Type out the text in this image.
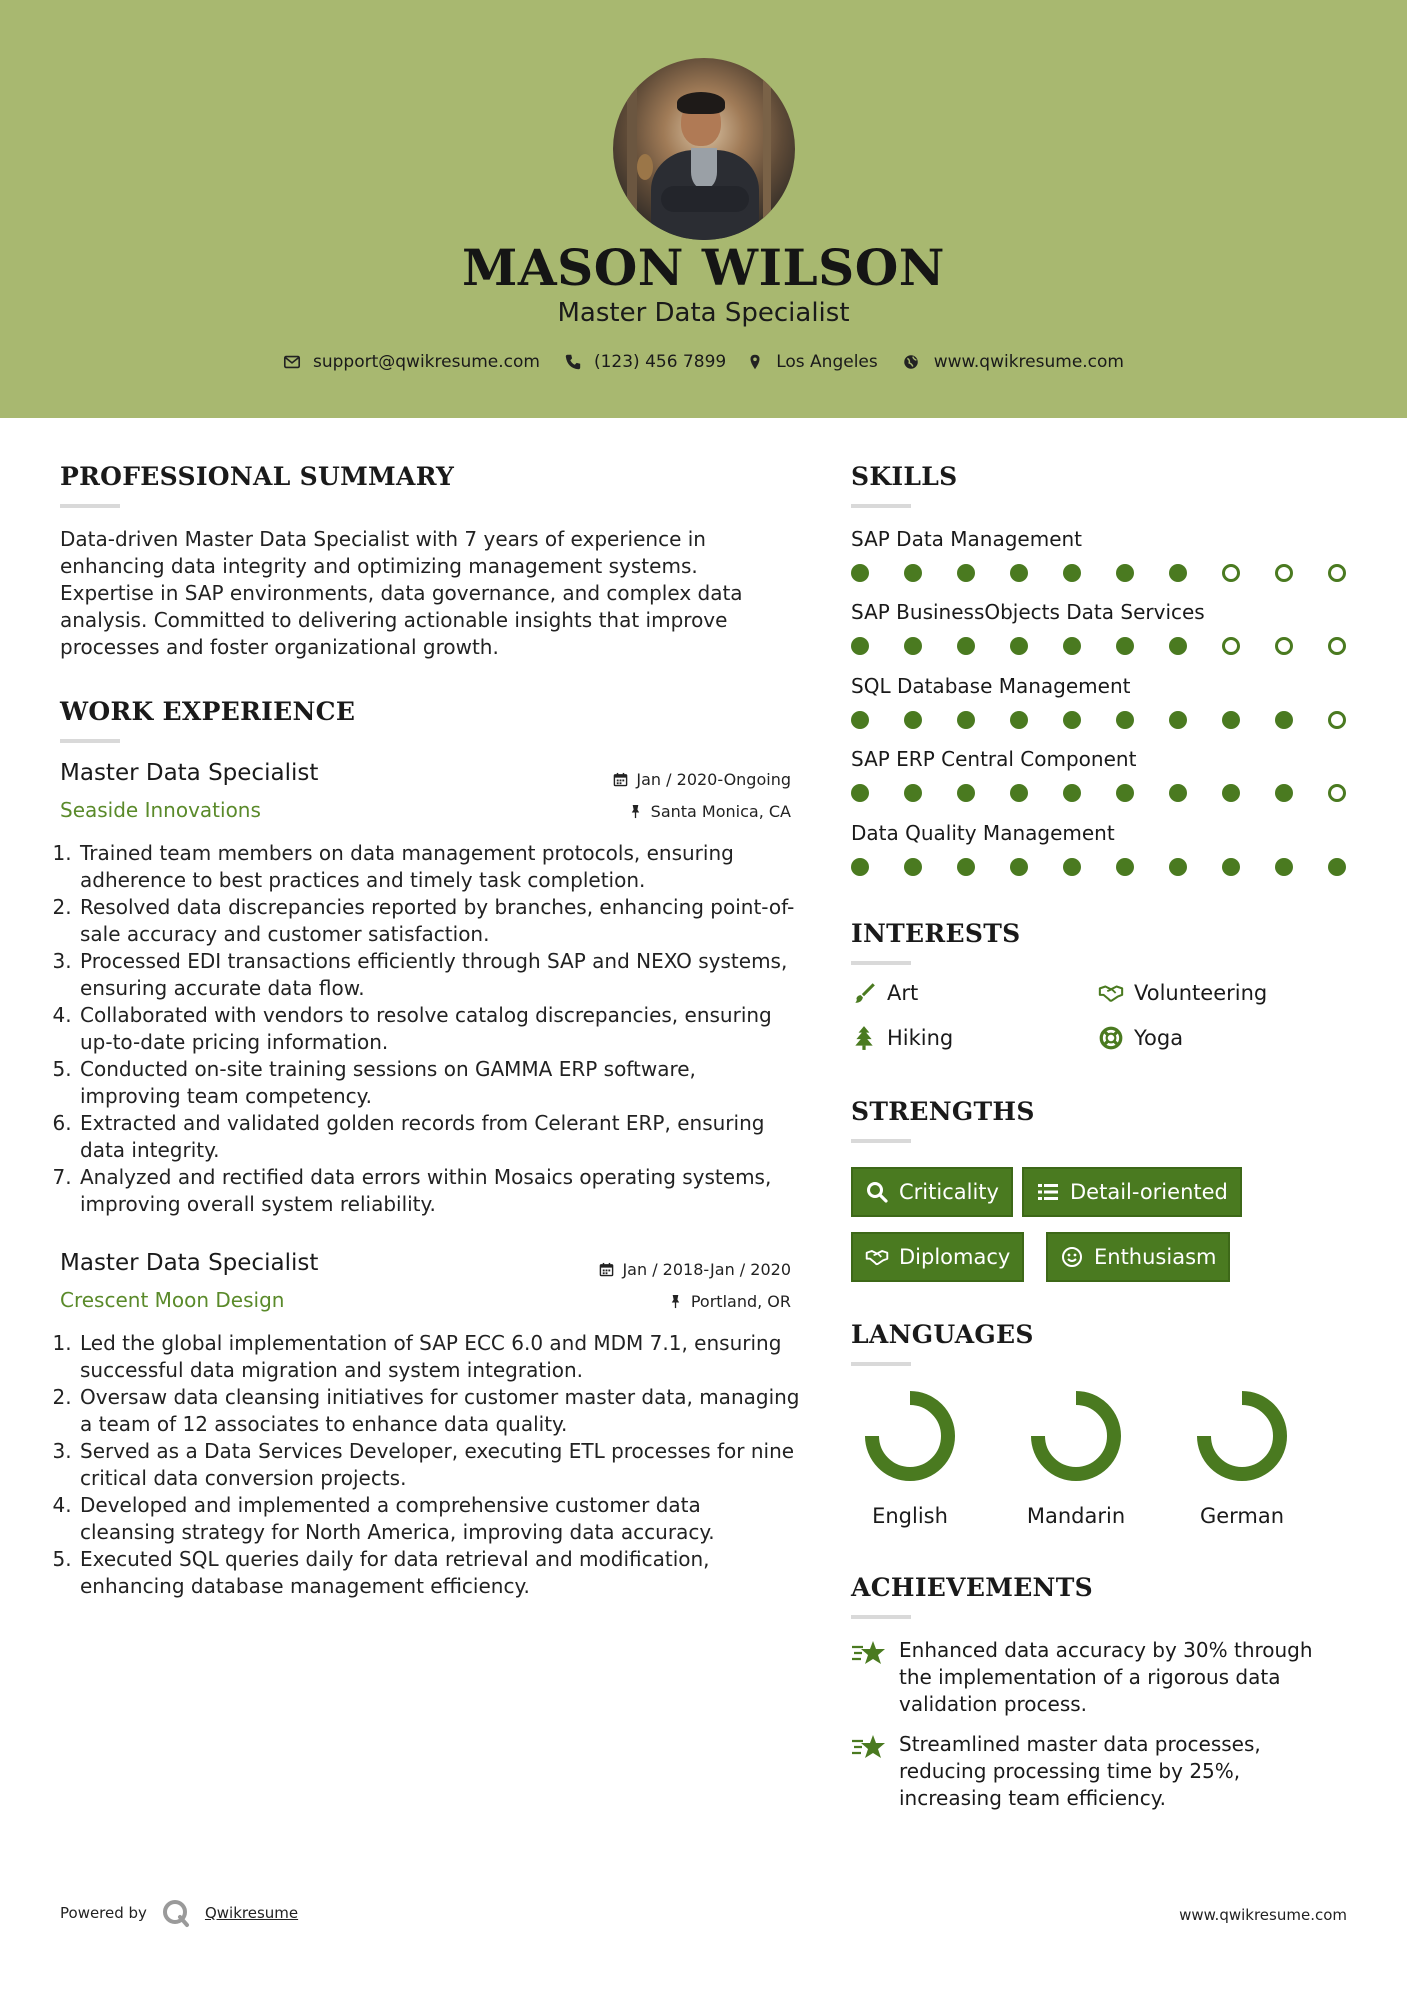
MASON WILSON
Master Data Specialist
support@qwikresume.com	(123) 456 7899	Los Angeles	www.qwikresume.com
PROFESSIONAL SUMMARY
Data-driven Master Data Specialist with 7 years of experience in
enhancing data integrity and optimizing management systems.
Expertise in SAP environments, data governance, and complex data
analysis. Committed to delivering actionable insights that improve
processes and foster organizational growth.
WORK EXPERIENCE
Master Data Specialist
Seaside Innovations
Jan / 2020-Ongoing
Santa Monica, CA
1. Trained team members on data management protocols, ensuring adherence to best practices and timely task completion.
2. Resolved data discrepancies reported by branches, enhancing point-of-sale accuracy and customer satisfaction.
3. Processed EDI transactions efficiently through SAP and NEXO systems, ensuring accurate data flow.
4. Collaborated with vendors to resolve catalog discrepancies, ensuring up-to-date pricing information.
5. Conducted on-site training sessions on GAMMA ERP software, improving team competency.
6. Extracted and validated golden records from Celerant ERP, ensuring data integrity.
7. Analyzed and rectified data errors within Mosaics operating systems, improving overall system reliability.
Master Data Specialist
Crescent Moon Design
Jan / 2018-Jan / 2020
Portland, OR
1. Led the global implementation of SAP ECC 6.0 and MDM 7.1, ensuring successful data migration and system integration.
2. Oversaw data cleansing initiatives for customer master data, managing a team of 12 associates to enhance data quality.
3. Served as a Data Services Developer, executing ETL processes for nine critical data conversion projects.
4. Developed and implemented a comprehensive customer data cleansing strategy for North America, improving data accuracy.
5. Executed SQL queries daily for data retrieval and modification, enhancing database management efficiency.
SKILLS
SAP Data Management
SAP BusinessObjects Data Services
SQL Database Management
SAP ERP Central Component
Data Quality Management
INTERESTS
Art	Volunteering
Hiking	Yoga
STRENGTHS
Criticality	Detail-oriented
Diplomacy	Enthusiasm
LANGUAGES
English	Mandarin	German
ACHIEVEMENTS
Enhanced data accuracy by 30% through the implementation of a rigorous data validation process.
Streamlined master data processes, reducing processing time by 25%, increasing team efficiency.
Powered by	Qwikresume	www.qwikresume.com
